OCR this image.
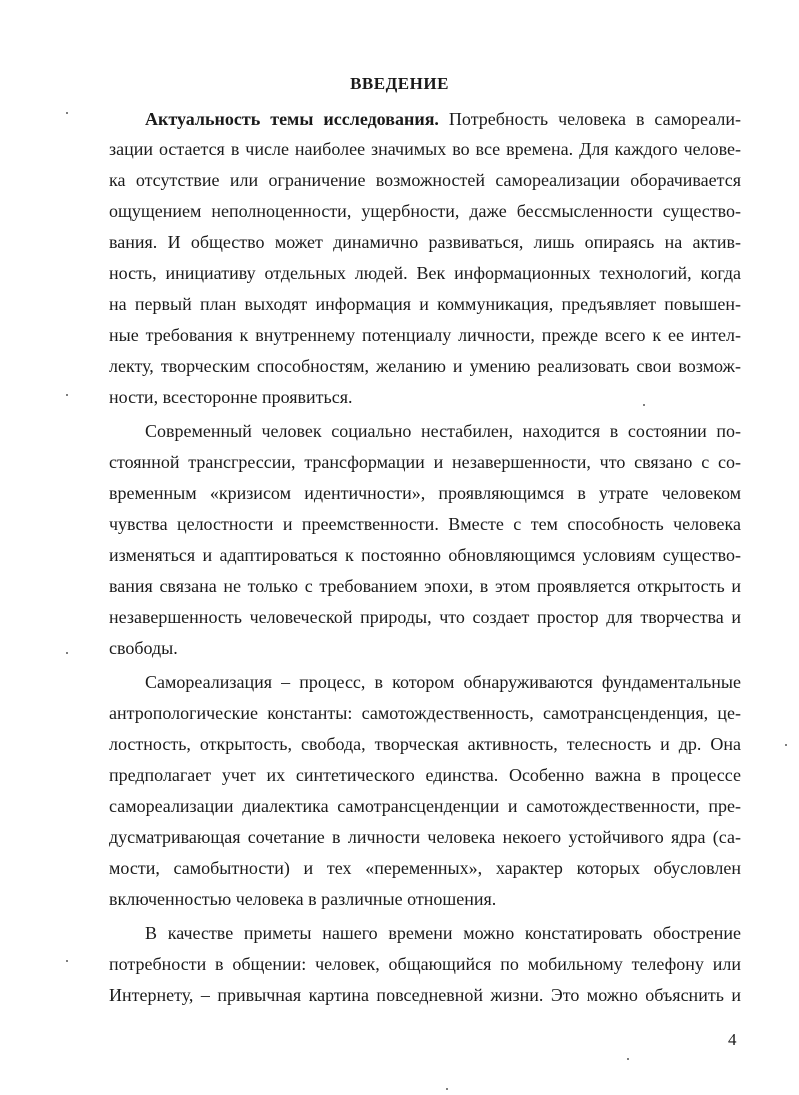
ВВЕДЕНИЕ
Актуальность темы исследования. Потребность человека в самореали-
зации остается в числе наиболее значимых во все времена. Для каждого челове-
ка отсутствие или ограничение возможностей самореализации оборачивается
ощущением неполноценности, ущербности, даже бессмысленности существо-
вания. И общество может динамично развиваться, лишь опираясь на актив-
ность, инициативу отдельных людей. Век информационных технологий, когда
на первый план выходят информация и коммуникация, предъявляет повышен-
ные требования к внутреннему потенциалу личности, прежде всего к ее интел-
лекту, творческим способностям, желанию и умению реализовать свои возмож-
ности, всесторонне проявиться.
Современный человек социально нестабилен, находится в состоянии по-
стоянной трансгрессии, трансформации и незавершенности, что связано с со-
временным «кризисом идентичности», проявляющимся в утрате человеком
чувства целостности и преемственности. Вместе с тем способность человека
изменяться и адаптироваться к постоянно обновляющимся условиям существо-
вания связана не только с требованием эпохи, в этом проявляется открытость и
незавершенность человеческой природы, что создает простор для творчества и
свободы.
Самореализация – процесс, в котором обнаруживаются фундаментальные
антропологические константы: самотождественность, самотрансценденция, це-
лостность, открытость, свобода, творческая активность, телесность и др. Она
предполагает учет их синтетического единства. Особенно важна в процессе
самореализации диалектика самотрансценденции и самотождественности, пре-
дусматривающая сочетание в личности человека некоего устойчивого ядра (са-
мости, самобытности) и тех «переменных», характер которых обусловлен
включенностью человека в различные отношения.
В качестве приметы нашего времени можно констатировать обострение
потребности в общении: человек, общающийся по мобильному телефону или
Интернету, – привычная картина повседневной жизни. Это можно объяснить и
4
